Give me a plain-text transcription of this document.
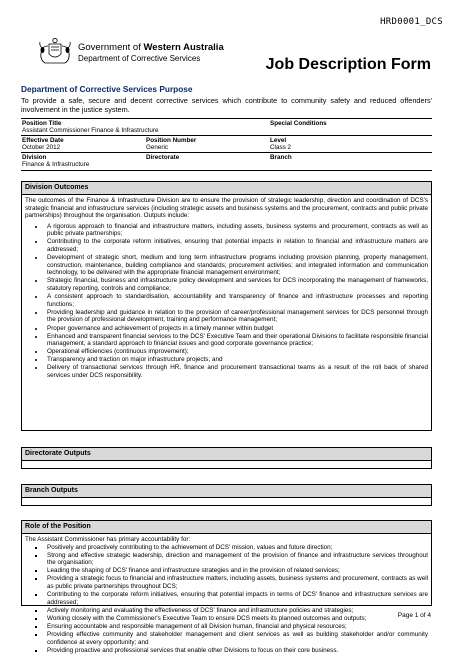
HRD0001_DCS
Government of Western Australia
Department of Corrective Services	Job Description Form
Department of Corrective Services Purpose
To provide a safe, secure and decent corrective services which contribute to community safety and reduced offenders' involvement in the justice system.
Position Title
Assistant Commissioner Finance & Infrastructure
Special Conditions
Effective Date
October 2012
Position Number
Generic
Level
Class 2
Division
Finance & Infrastructure
Directorate	Branch
Division Outcomes
The outcomes of the Finance & Infrastructure Division are to ensure the provision of strategic leadership, direction and coordination of DCS's strategic financial and infrastructure services (including strategic assets and business systems and the procurement, contracts and public private partnerships) throughout the organisation. Outputs include:
• A rigorous approach to financial and infrastructure matters, including assets, business systems and procurement, contracts as well as public private partnerships;
• Contributing to the corporate reform initiatives, ensuring that potential impacts in relation to financial and infrastructure matters are addressed;
• Development of strategic short, medium and long term infrastructure programs including provision planning, property management, construction, maintenance, building compliance and standards; procurement activities; and integrated information and communication technology, to be delivered with the appropriate financial management environment;
• Strategic financial, business and infrastructure policy development and services for DCS incorporating the management of frameworks, statutory reporting, controls and compliance;
• A consistent approach to standardisation, accountability and transparency of finance and infrastructure processes and reporting functions;
• Providing leadership and guidance in relation to the provision of career/professional management services for DCS personnel through the provision of professional development, training and performance management;
• Proper governance and achievement of projects in a timely manner within budget
• Enhanced and transparent financial services to the DCS' Executive Team and their operational Divisions to facilitate responsible financial management, a standard approach to financial issues and good corporate governance practice;
• Operational efficiencies (continuous improvement);
• Transparency and traction on major infrastructure projects; and
• Delivery of transactional services through HR, finance and procurement transactional teams as a result of the roll back of shared services under DCS responsibility.
Directorate Outputs
Branch Outputs
Role of the Position
The Assistant Commissioner has primary accountability for:
▪ Positively and proactively contributing to the achievement of DCS' mission, values and future direction;
▪ Strong and effective strategic leadership, direction and management of the provision of finance and infrastructure services throughout the organisation;
▪ Leading the shaping of DCS' finance and infrastructure strategies and in the provision of related services;
▪ Providing a strategic focus to financial and infrastructure matters, including assets, business systems and procurement, contracts as well as public private partnerships throughout DCS;
▪ Contributing to the corporate reform initiatives, ensuring that potential impacts in terms of DCS' finance and infrastructure services are addressed;
▪ Actively monitoring and evaluating the effectiveness of DCS' finance and infrastructure policies and strategies;
▪ Working closely with the Commissioner's Executive Team to ensure DCS meets its planned outcomes and outputs;
▪ Ensuring accountable and responsible management of all Division human, financial and physical resources;
▪ Providing effective community and stakeholder management and client services as well as building stakeholder and/or community confidence at every opportunity; and
▪ Providing proactive and professional services that enable other Divisions to focus on their core business.
Page 1 of 4
